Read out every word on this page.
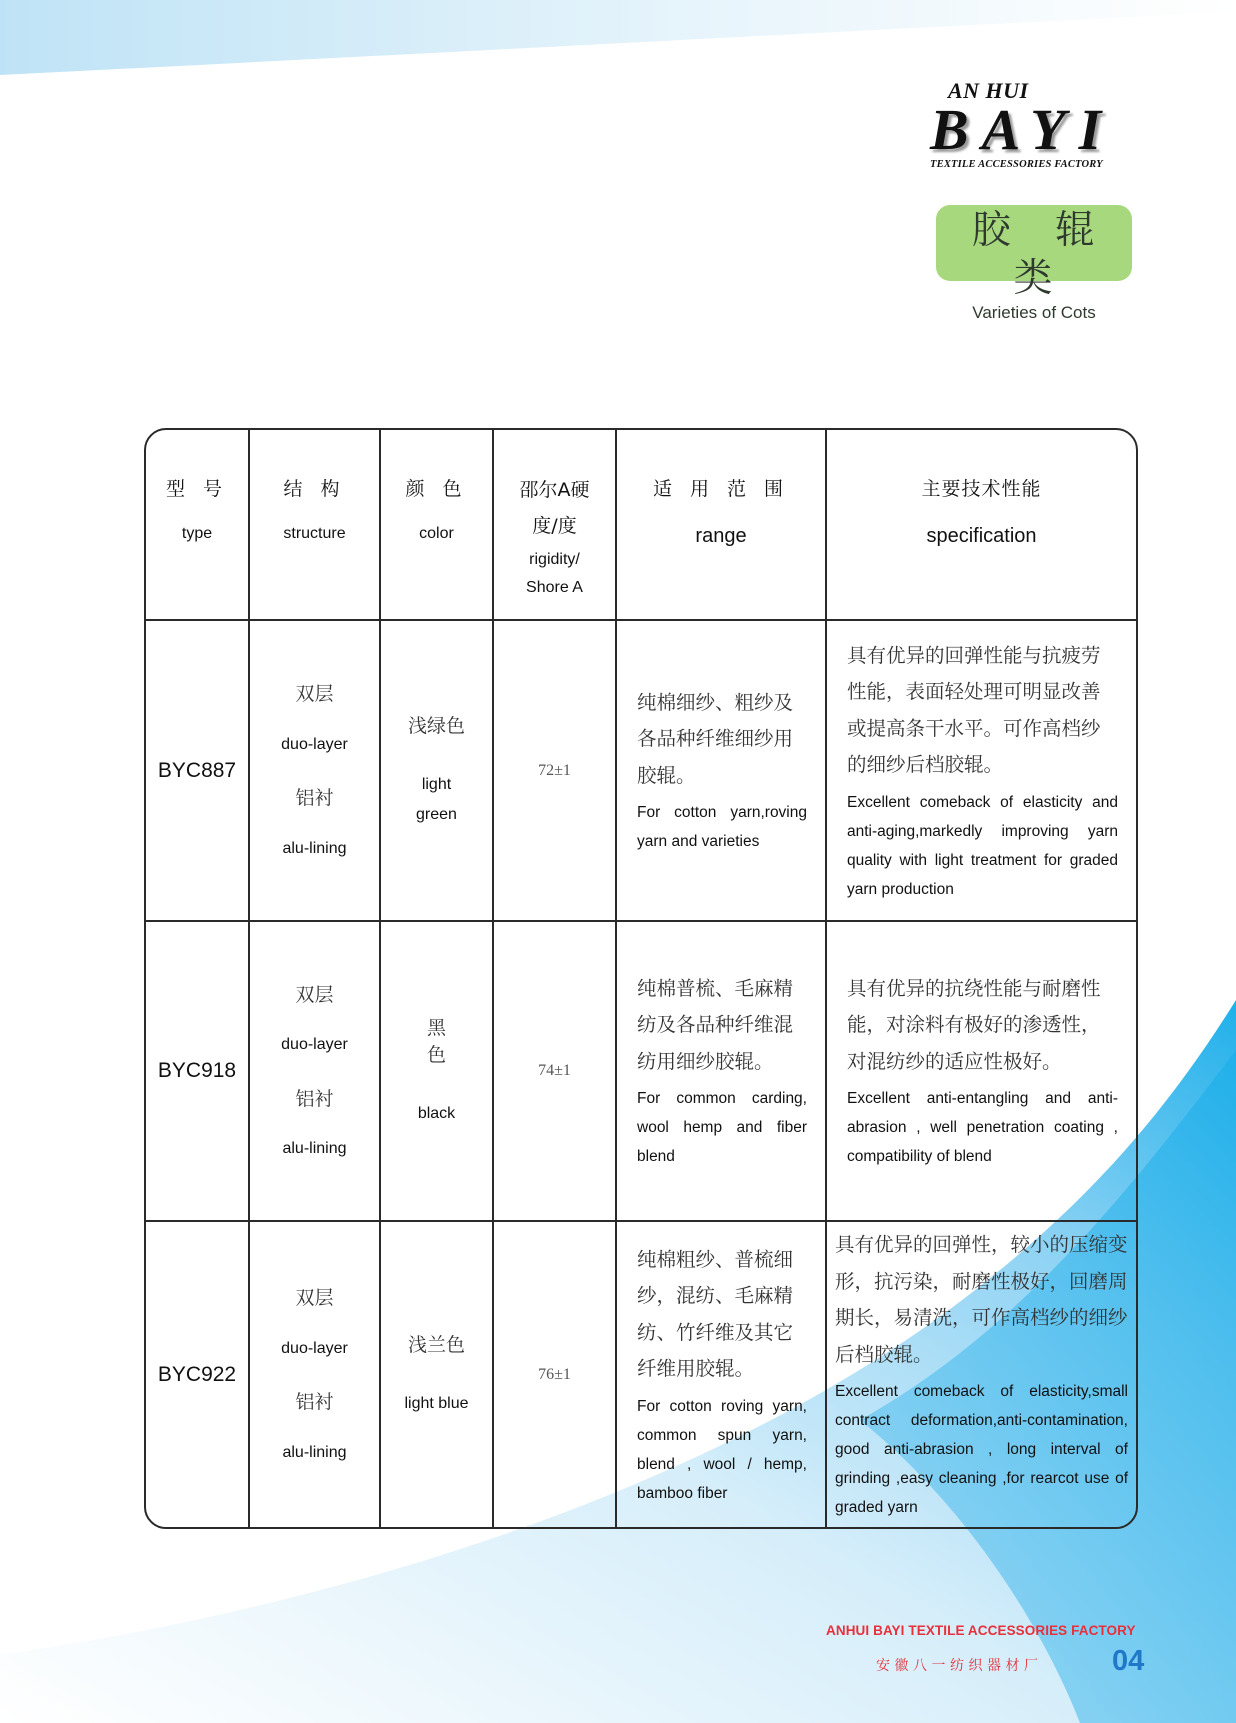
AN HUI
BAYI
TEXTILE ACCESSORIES FACTORY
胶 辊 类
Varieties of Cots
型 号
type
结 构
structure
颜 色
color
邵尔A硬度/度
rigidity/ Shore A
适 用 范 围
range
主要技术性能
specification
BYC887
双层
duo-layer
铝衬
alu-lining
浅绿色
light green
72±1
纯棉细纱、粗纱及各品种纤维细纱用胶辊。
For cotton yarn,roving yarn and varieties
具有优异的回弹性能与抗疲劳性能，表面轻处理可明显改善或提高条干水平。可作高档纱的细纱后档胶辊。
Excellent comeback of elasticity and anti-aging,markedly improving yarn quality with light treatment for graded yarn production
BYC918
双层
duo-layer
铝衬
alu-lining
黑 色
black
74±1
纯棉普梳、毛麻精纺及各品种纤维混纺用细纱胶辊。
For common carding, wool hemp and fiber blend
具有优异的抗绕性能与耐磨性能，对涂料有极好的渗透性，对混纺纱的适应性极好。
Excellent anti-entangling and anti-abrasion , well penetration coating , compatibility of blend
BYC922
双层
duo-layer
铝衬
alu-lining
浅兰色
light blue
76±1
纯棉粗纱、普梳细纱，混纺、毛麻精纺、竹纤维及其它纤维用胶辊。
For cotton roving yarn, common spun yarn, blend , wool / hemp, bamboo fiber
具有优异的回弹性，较小的压缩变形，抗污染，耐磨性极好，回磨周期长，易清洗，可作高档纱的细纱后档胶辊。
Excellent comeback of elasticity,small contract deformation,anti-contamination, good anti-abrasion , long interval of grinding ,easy cleaning ,for rearcot use of graded yarn
ANHUI BAYI TEXTILE ACCESSORIES FACTORY
安徽八一纺织器材厂 04
